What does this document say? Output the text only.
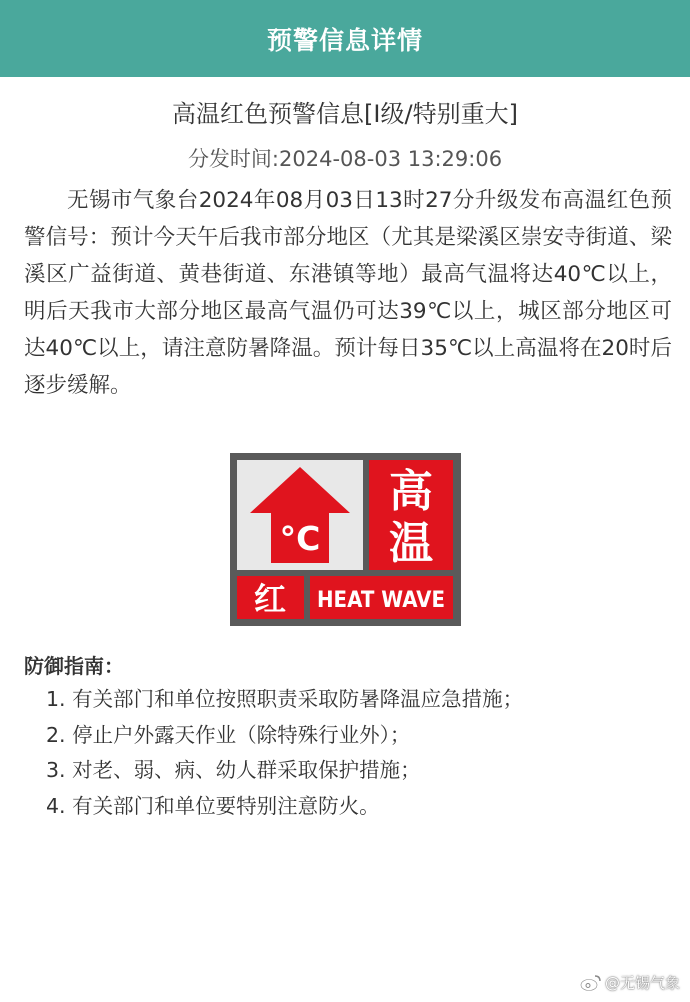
预警信息详情
高温红色预警信息[Ⅰ级/特别重大]
分发时间:2024-08-03 13:29:06
无锡市气象台2024年08月03日13时27分升级发布高温红色预警信号：预计今天午后我市部分地区（尤其是梁溪区崇安寺街道、梁溪区广益街道、黄巷街道、东港镇等地）最高气温将达40℃以上，明后天我市大部分地区最高气温仍可达39℃以上，城区部分地区可达40℃以上，请注意防暑降温。预计每日35℃以上高温将在20时后逐步缓解。
°C
高
温
红 HEAT WAVE
防御指南：
1. 有关部门和单位按照职责采取防暑降温应急措施；
2. 停止户外露天作业（除特殊行业外）；
3. 对老、弱、病、幼人群采取保护措施；
4. 有关部门和单位要特别注意防火。
@无锡气象
